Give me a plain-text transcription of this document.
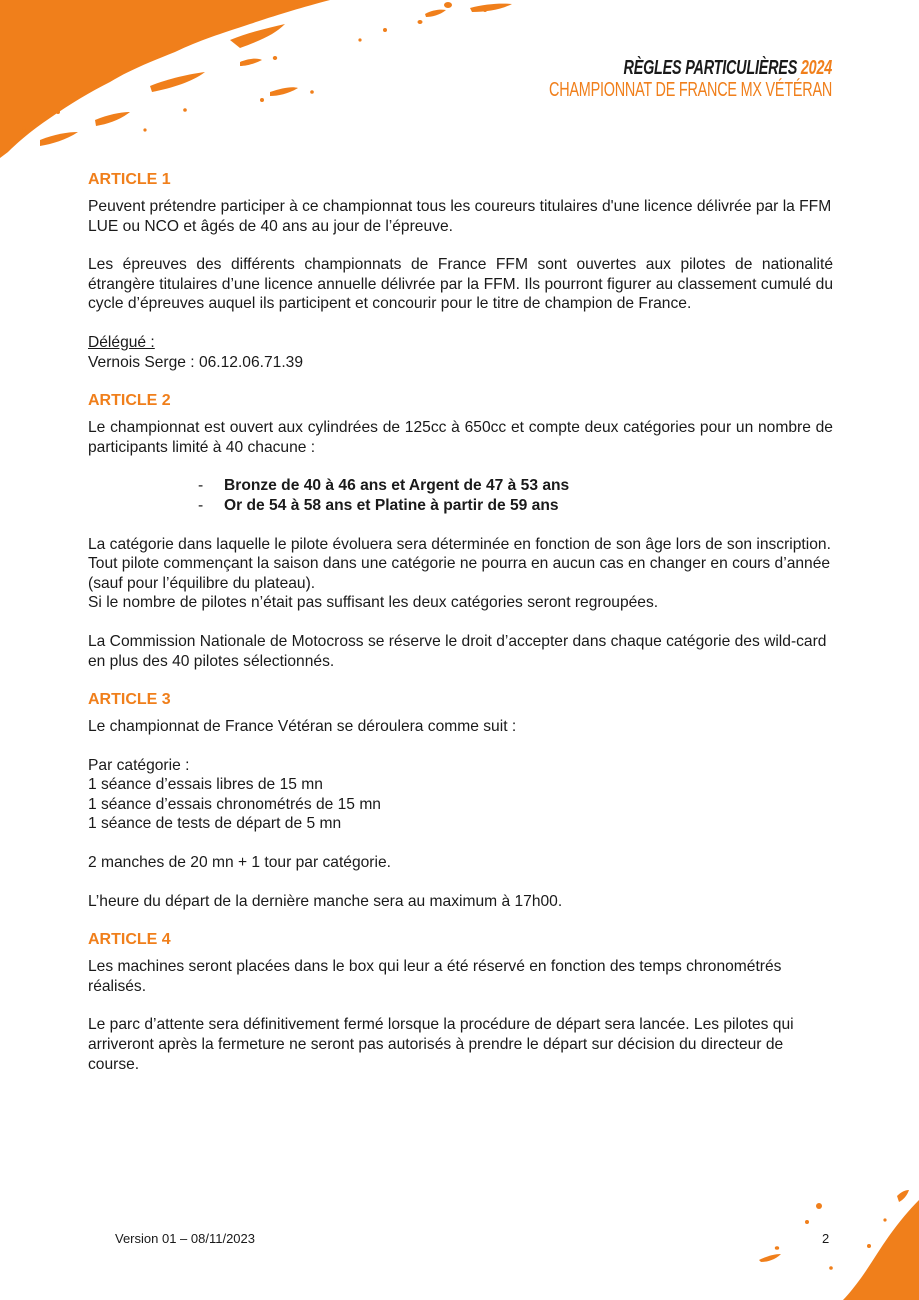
RÈGLES PARTICULIÈRES 2024
CHAMPIONNAT DE FRANCE MX VÉTÉRAN
ARTICLE 1

Peuvent prétendre participer à ce championnat tous les coureurs titulaires d'une licence délivrée par la FFM LUE ou NCO et âgés de 40 ans au jour de l’épreuve.

Les épreuves des différents championnats de France FFM sont ouvertes aux pilotes de nationalité étrangère titulaires d’une licence annuelle délivrée par la FFM. Ils pourront figurer au classement cumulé du cycle d’épreuves auquel ils participent et concourir pour le titre de champion de France.

Délégué :

Vernois Serge : 06.12.06.71.39

ARTICLE 2

Le championnat est ouvert aux cylindrées de 125cc à 650cc et compte deux catégories pour un nombre de participants limité à 40 chacune :

- Bronze de 40 à 46 ans et Argent de 47 à 53 ans
- Or de 54 à 58 ans et Platine à partir de 59 ans
La catégorie dans laquelle le pilote évoluera sera déterminée en fonction de son âge lors de son inscription.
Tout pilote commençant la saison dans une catégorie ne pourra en aucun cas en changer en cours d’année (sauf pour l’équilibre du plateau).

Si le nombre de pilotes n’était pas suffisant les deux catégories seront regroupées.

La Commission Nationale de Motocross se réserve le droit d’accepter dans chaque catégorie des wild-card en plus des 40 pilotes sélectionnés.

ARTICLE 3

Le championnat de France Vétéran se déroulera comme suit :

Par catégorie :
1 séance d’essais libres de 15 mn
1 séance d’essais chronométrés de 15 mn

1 séance de tests de départ de 5 mn

2 manches de 20 mn + 1 tour par catégorie.

L’heure du départ de la dernière manche sera au maximum à 17h00.

ARTICLE 4

Les machines seront placées dans le box qui leur a été réservé en fonction des temps chronométrés réalisés.

Le parc d’attente sera définitivement fermé lorsque la procédure de départ sera lancée. Les pilotes qui arriveront après la fermeture ne seront pas autorisés à prendre le départ sur décision du directeur de course.

Version 01 – 08/11/2023	2
